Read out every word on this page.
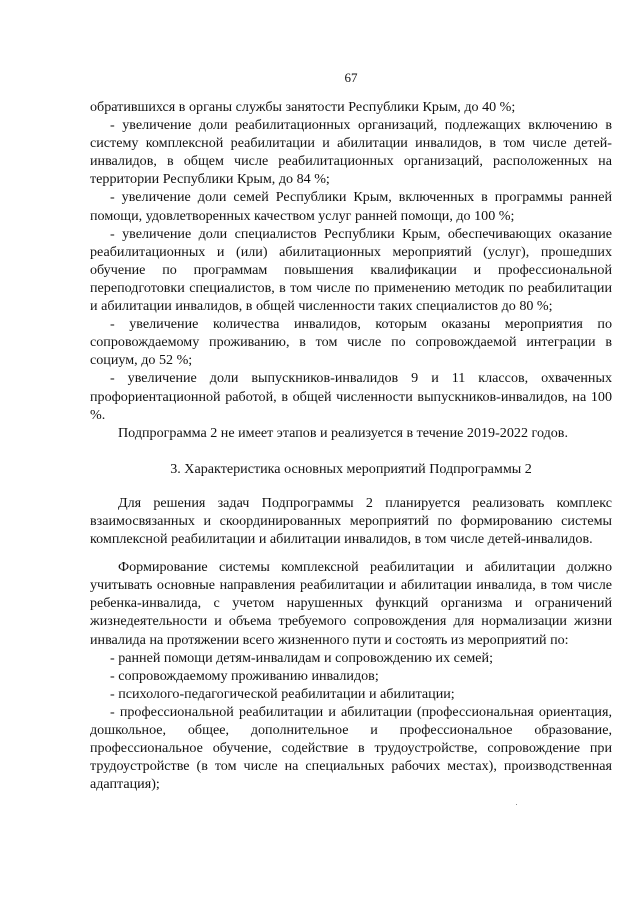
67

обратившихся в органы службы занятости Республики Крым, до 40 %;

- увеличение доли реабилитационных организаций, подлежащих включению в систему комплексной реабилитации и абилитации инвалидов, в том числе детей-инвалидов, в общем числе реабилитационных организаций, расположенных на территории Республики Крым, до 84 %;

- увеличение доли семей Республики Крым, включенных в программы ранней помощи, удовлетворенных качеством услуг ранней помощи, до 100 %;

- увеличение доли специалистов Республики Крым, обеспечивающих оказание реабилитационных и (или) абилитационных мероприятий (услуг), прошедших обучение по программам повышения квалификации и профессиональной переподготовки специалистов, в том числе по применению методик по реабилитации и абилитации инвалидов, в общей численности таких специалистов до 80 %;

- увеличение количества инвалидов, которым оказаны мероприятия по сопровождаемому проживанию, в том числе по сопровождаемой интеграции в социум, до 52 %;

- увеличение доли выпускников-инвалидов 9 и 11 классов, охваченных профориентационной работой, в общей численности выпускников-инвалидов, на 100 %.

Подпрограмма 2 не имеет этапов и реализуется в течение 2019-2022 годов.

3. Характеристика основных мероприятий Подпрограммы 2

Для решения задач Подпрограммы 2 планируется реализовать комплекс взаимосвязанных и скоординированных мероприятий по формированию системы комплексной реабилитации и абилитации инвалидов, в том числе детей-инвалидов.

Формирование системы комплексной реабилитации и абилитации должно учитывать основные направления реабилитации и абилитации инвалида, в том числе ребенка-инвалида, с учетом нарушенных функций организма и ограничений жизнедеятельности и объема требуемого сопровождения для нормализации жизни инвалида на протяжении всего жизненного пути и состоять из мероприятий по:

- ранней помощи детям-инвалидам и сопровождению их семей;

- сопровождаемому проживанию инвалидов;

- психолого-педагогической реабилитации и абилитации;

- профессиональной реабилитации и абилитации (профессиональная ориентация, дошкольное, общее, дополнительное и профессиональное образование, профессиональное обучение, содействие в трудоустройстве, сопровождение при трудоустройстве (в том числе на специальных рабочих местах), производственная адаптация);
